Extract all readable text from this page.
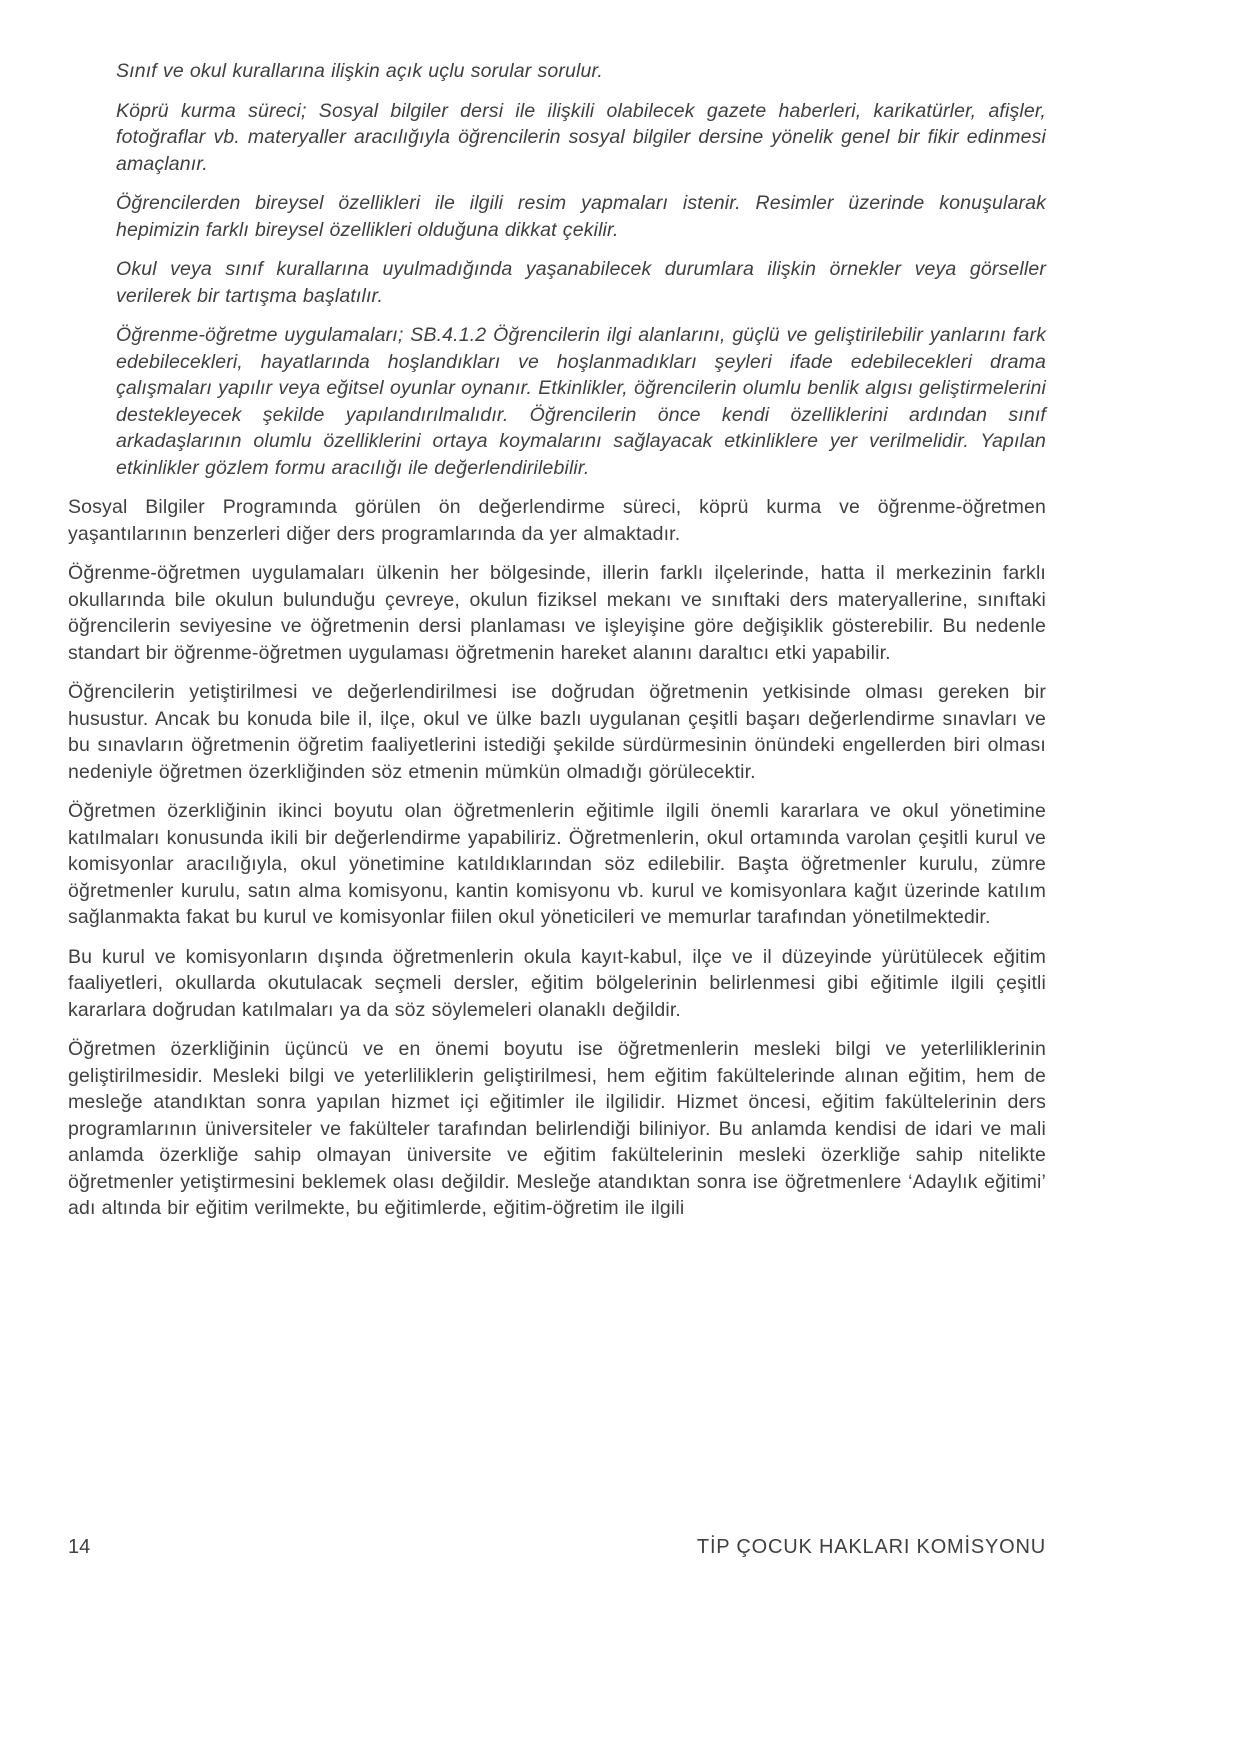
Sınıf ve okul kurallarına ilişkin açık uçlu sorular sorulur.

Köprü kurma süreci; Sosyal bilgiler dersi ile ilişkili olabilecek gazete haberleri, karikatürler, afişler, fotoğraflar vb. materyaller aracılığıyla öğrencilerin sosyal bilgiler dersine yönelik genel bir fikir edinmesi amaçlanır.

Öğrencilerden bireysel özellikleri ile ilgili resim yapmaları istenir. Resimler üzerinde konuşularak hepimizin farklı bireysel özellikleri olduğuna dikkat çekilir.

Okul veya sınıf kurallarına uyulmadığında yaşanabilecek durumlara ilişkin örnekler veya görseller verilerek bir tartışma başlatılır.

Öğrenme-öğretme uygulamaları; SB.4.1.2 Öğrencilerin ilgi alanlarını, güçlü ve geliştirilebilir yanlarını fark edebilecekleri, hayatlarında hoşlandıkları ve hoşlanmadıkları şeyleri ifade edebilecekleri drama çalışmaları yapılır veya eğitsel oyunlar oynanır. Etkinlikler, öğrencilerin olumlu benlik algısı geliştirmelerini destekleyecek şekilde yapılandırılmalıdır. Öğrencilerin önce kendi özelliklerini ardından sınıf arkadaşlarının olumlu özelliklerini ortaya koymalarını sağlayacak etkinliklere yer verilmelidir. Yapılan etkinlikler gözlem formu aracılığı ile değerlendirilebilir.

Sosyal Bilgiler Programında görülen ön değerlendirme süreci, köprü kurma ve öğrenme-öğretmen yaşantılarının benzerleri diğer ders programlarında da yer almaktadır.

Öğrenme-öğretmen uygulamaları ülkenin her bölgesinde, illerin farklı ilçelerinde, hatta il merkezinin farklı okullarında bile okulun bulunduğu çevreye, okulun fiziksel mekanı ve sınıftaki ders materyallerine, sınıftaki öğrencilerin seviyesine ve öğretmenin dersi planlaması ve işleyişine göre değişiklik gösterebilir. Bu nedenle standart bir öğrenme-öğretmen uygulaması öğretmenin hareket alanını daraltıcı etki yapabilir.

Öğrencilerin yetiştirilmesi ve değerlendirilmesi ise doğrudan öğretmenin yetkisinde olması gereken bir husustur. Ancak bu konuda bile il, ilçe, okul ve ülke bazlı uygulanan çeşitli başarı değerlendirme sınavları ve bu sınavların öğretmenin öğretim faaliyetlerini istediği şekilde sürdürmesinin önündeki engellerden biri olması nedeniyle öğretmen özerkliğinden söz etmenin mümkün olmadığı görülecektir.

Öğretmen özerkliğinin ikinci boyutu olan öğretmenlerin eğitimle ilgili önemli kararlara ve okul yönetimine katılmaları konusunda ikili bir değerlendirme yapabiliriz. Öğretmenlerin, okul ortamında varolan çeşitli kurul ve komisyonlar aracılığıyla, okul yönetimine katıldıklarından söz edilebilir. Başta öğretmenler kurulu, zümre öğretmenler kurulu, satın alma komisyonu, kantin komisyonu vb. kurul ve komisyonlara kağıt üzerinde katılım sağlanmakta fakat bu kurul ve komisyonlar fiilen okul yöneticileri ve memurlar tarafından yönetilmektedir.

Bu kurul ve komisyonların dışında öğretmenlerin okula kayıt-kabul, ilçe ve il düzeyinde yürütülecek eğitim faaliyetleri, okullarda okutulacak seçmeli dersler, eğitim bölgelerinin belirlenmesi gibi eğitimle ilgili çeşitli kararlara doğrudan katılmaları ya da söz söylemeleri olanaklı değildir.

Öğretmen özerkliğinin üçüncü ve en önemi boyutu ise öğretmenlerin mesleki bilgi ve yeterliliklerinin geliştirilmesidir. Mesleki bilgi ve yeterliliklerin geliştirilmesi, hem eğitim fakültelerinde alınan eğitim, hem de mesleğe atandıktan sonra yapılan hizmet içi eğitimler ile ilgilidir. Hizmet öncesi, eğitim fakültelerinin ders programlarının üniversiteler ve fakülteler tarafından belirlendiği biliniyor. Bu anlamda kendisi de idari ve mali anlamda özerkliğe sahip olmayan üniversite ve eğitim fakültelerinin mesleki özerkliğe sahip nitelikte öğretmenler yetiştirmesini beklemek olası değildir. Mesleğe atandıktan sonra ise öğretmenlere ‘Adaylık eğitimi’ adı altında bir eğitim verilmekte, bu eğitimlerde, eğitim-öğretim ile ilgili

14	TİP ÇOCUK HAKLARI KOMİSYONU
